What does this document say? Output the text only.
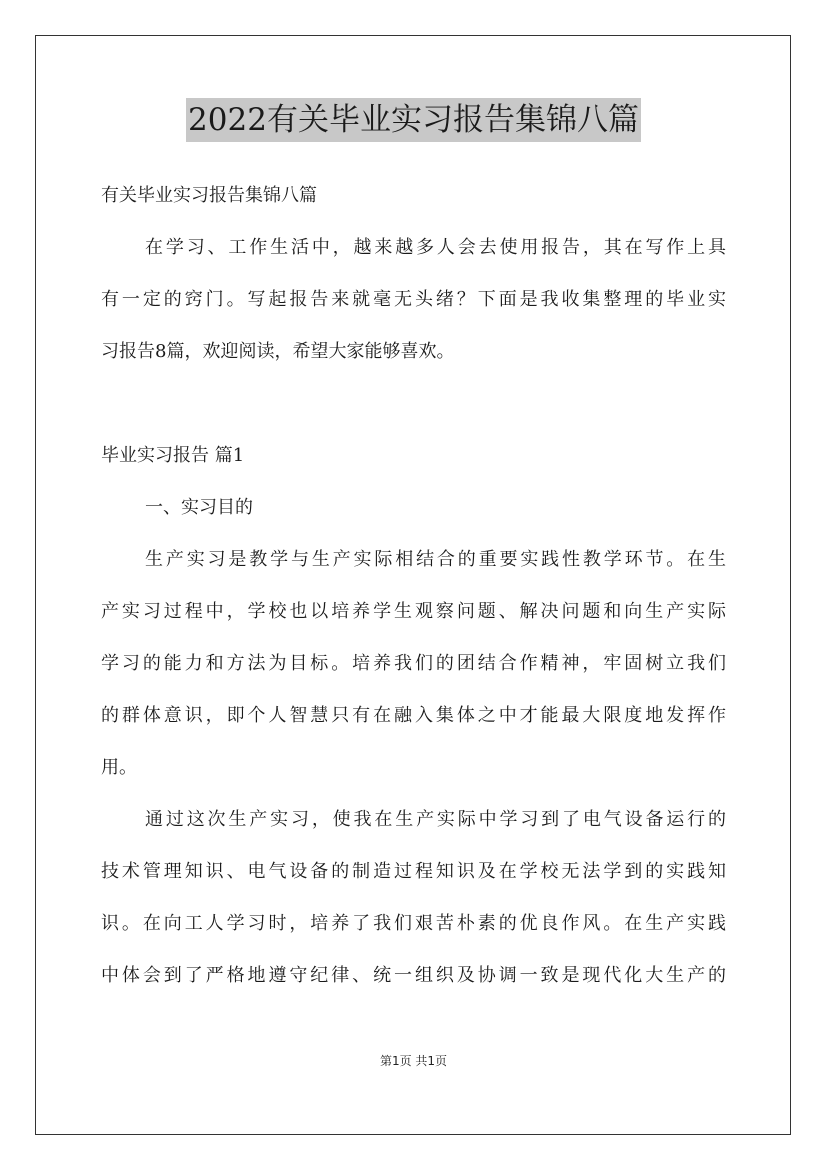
2022有关毕业实习报告集锦八篇
有关毕业实习报告集锦八篇
在学习、工作生活中，越来越多人会去使用报告，其在写作上具
有一定的窍门。写起报告来就毫无头绪？下面是我收集整理的毕业实
习报告8篇，欢迎阅读，希望大家能够喜欢。
毕业实习报告 篇1
一、实习目的
生产实习是教学与生产实际相结合的重要实践性教学环节。在生
产实习过程中，学校也以培养学生观察问题、解决问题和向生产实际
学习的能力和方法为目标。培养我们的团结合作精神，牢固树立我们
的群体意识，即个人智慧只有在融入集体之中才能最大限度地发挥作
用。
通过这次生产实习，使我在生产实际中学习到了电气设备运行的
技术管理知识、电气设备的制造过程知识及在学校无法学到的实践知
识。在向工人学习时，培养了我们艰苦朴素的优良作风。在生产实践
中体会到了严格地遵守纪律、统一组织及协调一致是现代化大生产的
第1页 共1页
